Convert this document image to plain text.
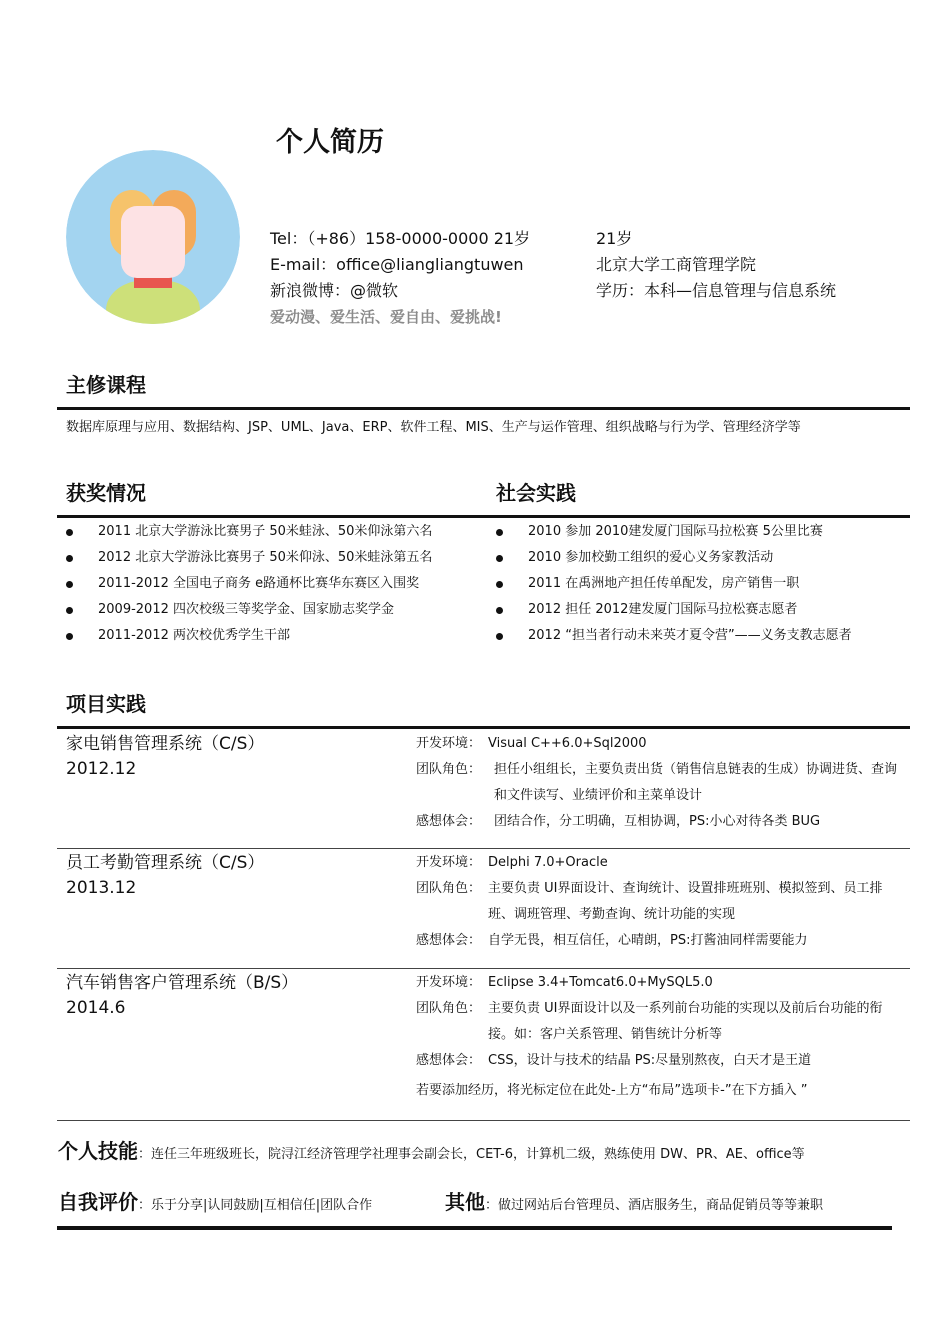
个人简历
Tel：（+86）158-0000-0000 21岁
E-mail：office@liangliangtuwen
新浪微博：@微软
爱动漫、爱生活、爱自由、爱挑战!
21岁
北京大学工商管理学院
学历：本科—信息管理与信息系统
主修课程
数据库原理与应用、数据结构、JSP、UML、Java、ERP、软件工程、MIS、生产与运作管理、组织战略与行为学、管理经济学等
获奖情况	社会实践
2011 北京大学游泳比赛男子 50米蛙泳、50米仰泳第六名
2012 北京大学游泳比赛男子 50米仰泳、50米蛙泳第五名
2011-2012 全国电子商务 e路通杯比赛华东赛区入围奖
2009-2012 四次校级三等奖学金、国家励志奖学金
2011-2012 两次校优秀学生干部
2010 参加 2010建发厦门国际马拉松赛 5公里比赛
2010 参加校勤工组织的爱心义务家教活动
2011 在禹洲地产担任传单配发，房产销售一职
2012 担任 2012建发厦门国际马拉松赛志愿者
2012 “担当者行动未来英才夏令营”——义务支教志愿者
项目实践
家电销售管理系统（C/S）
2012.12
开发环境： Visual C++6.0+Sql2000
团队角色： 担任小组组长，主要负责出货（销售信息链表的生成）协调进货、查询和文件读写、业绩评价和主菜单设计
感想体会： 团结合作，分工明确，互相协调，PS:小心对待各类 BUG
员工考勤管理系统（C/S）
2013.12
开发环境： Delphi 7.0+Oracle
团队角色： 主要负责 UI界面设计、查询统计、设置排班班别、模拟签到、员工排班、调班管理、考勤查询、统计功能的实现
感想体会： 自学无畏，相互信任，心晴朗，PS:打酱油同样需要能力
汽车销售客户管理系统（B/S）
2014.6
开发环境： Eclipse 3.4+Tomcat6.0+MySQL5.0
团队角色： 主要负责 UI界面设计以及一系列前台功能的实现以及前后台功能的衔接。如：客户关系管理、销售统计分析等
感想体会： CSS，设计与技术的结晶 PS:尽量别熬夜，白天才是王道
若要添加经历，将光标定位在此处-上方“布局”选项卡-”在下方插入 ”
个人技能：连任三年班级班长，院浔江经济管理学社理事会副会长，CET-6，计算机二级，熟练使用 DW、PR、AE、office等
自我评价：乐于分享|认同鼓励|互相信任|团队合作	其他：做过网站后台管理员、酒店服务生，商品促销员等等兼职
